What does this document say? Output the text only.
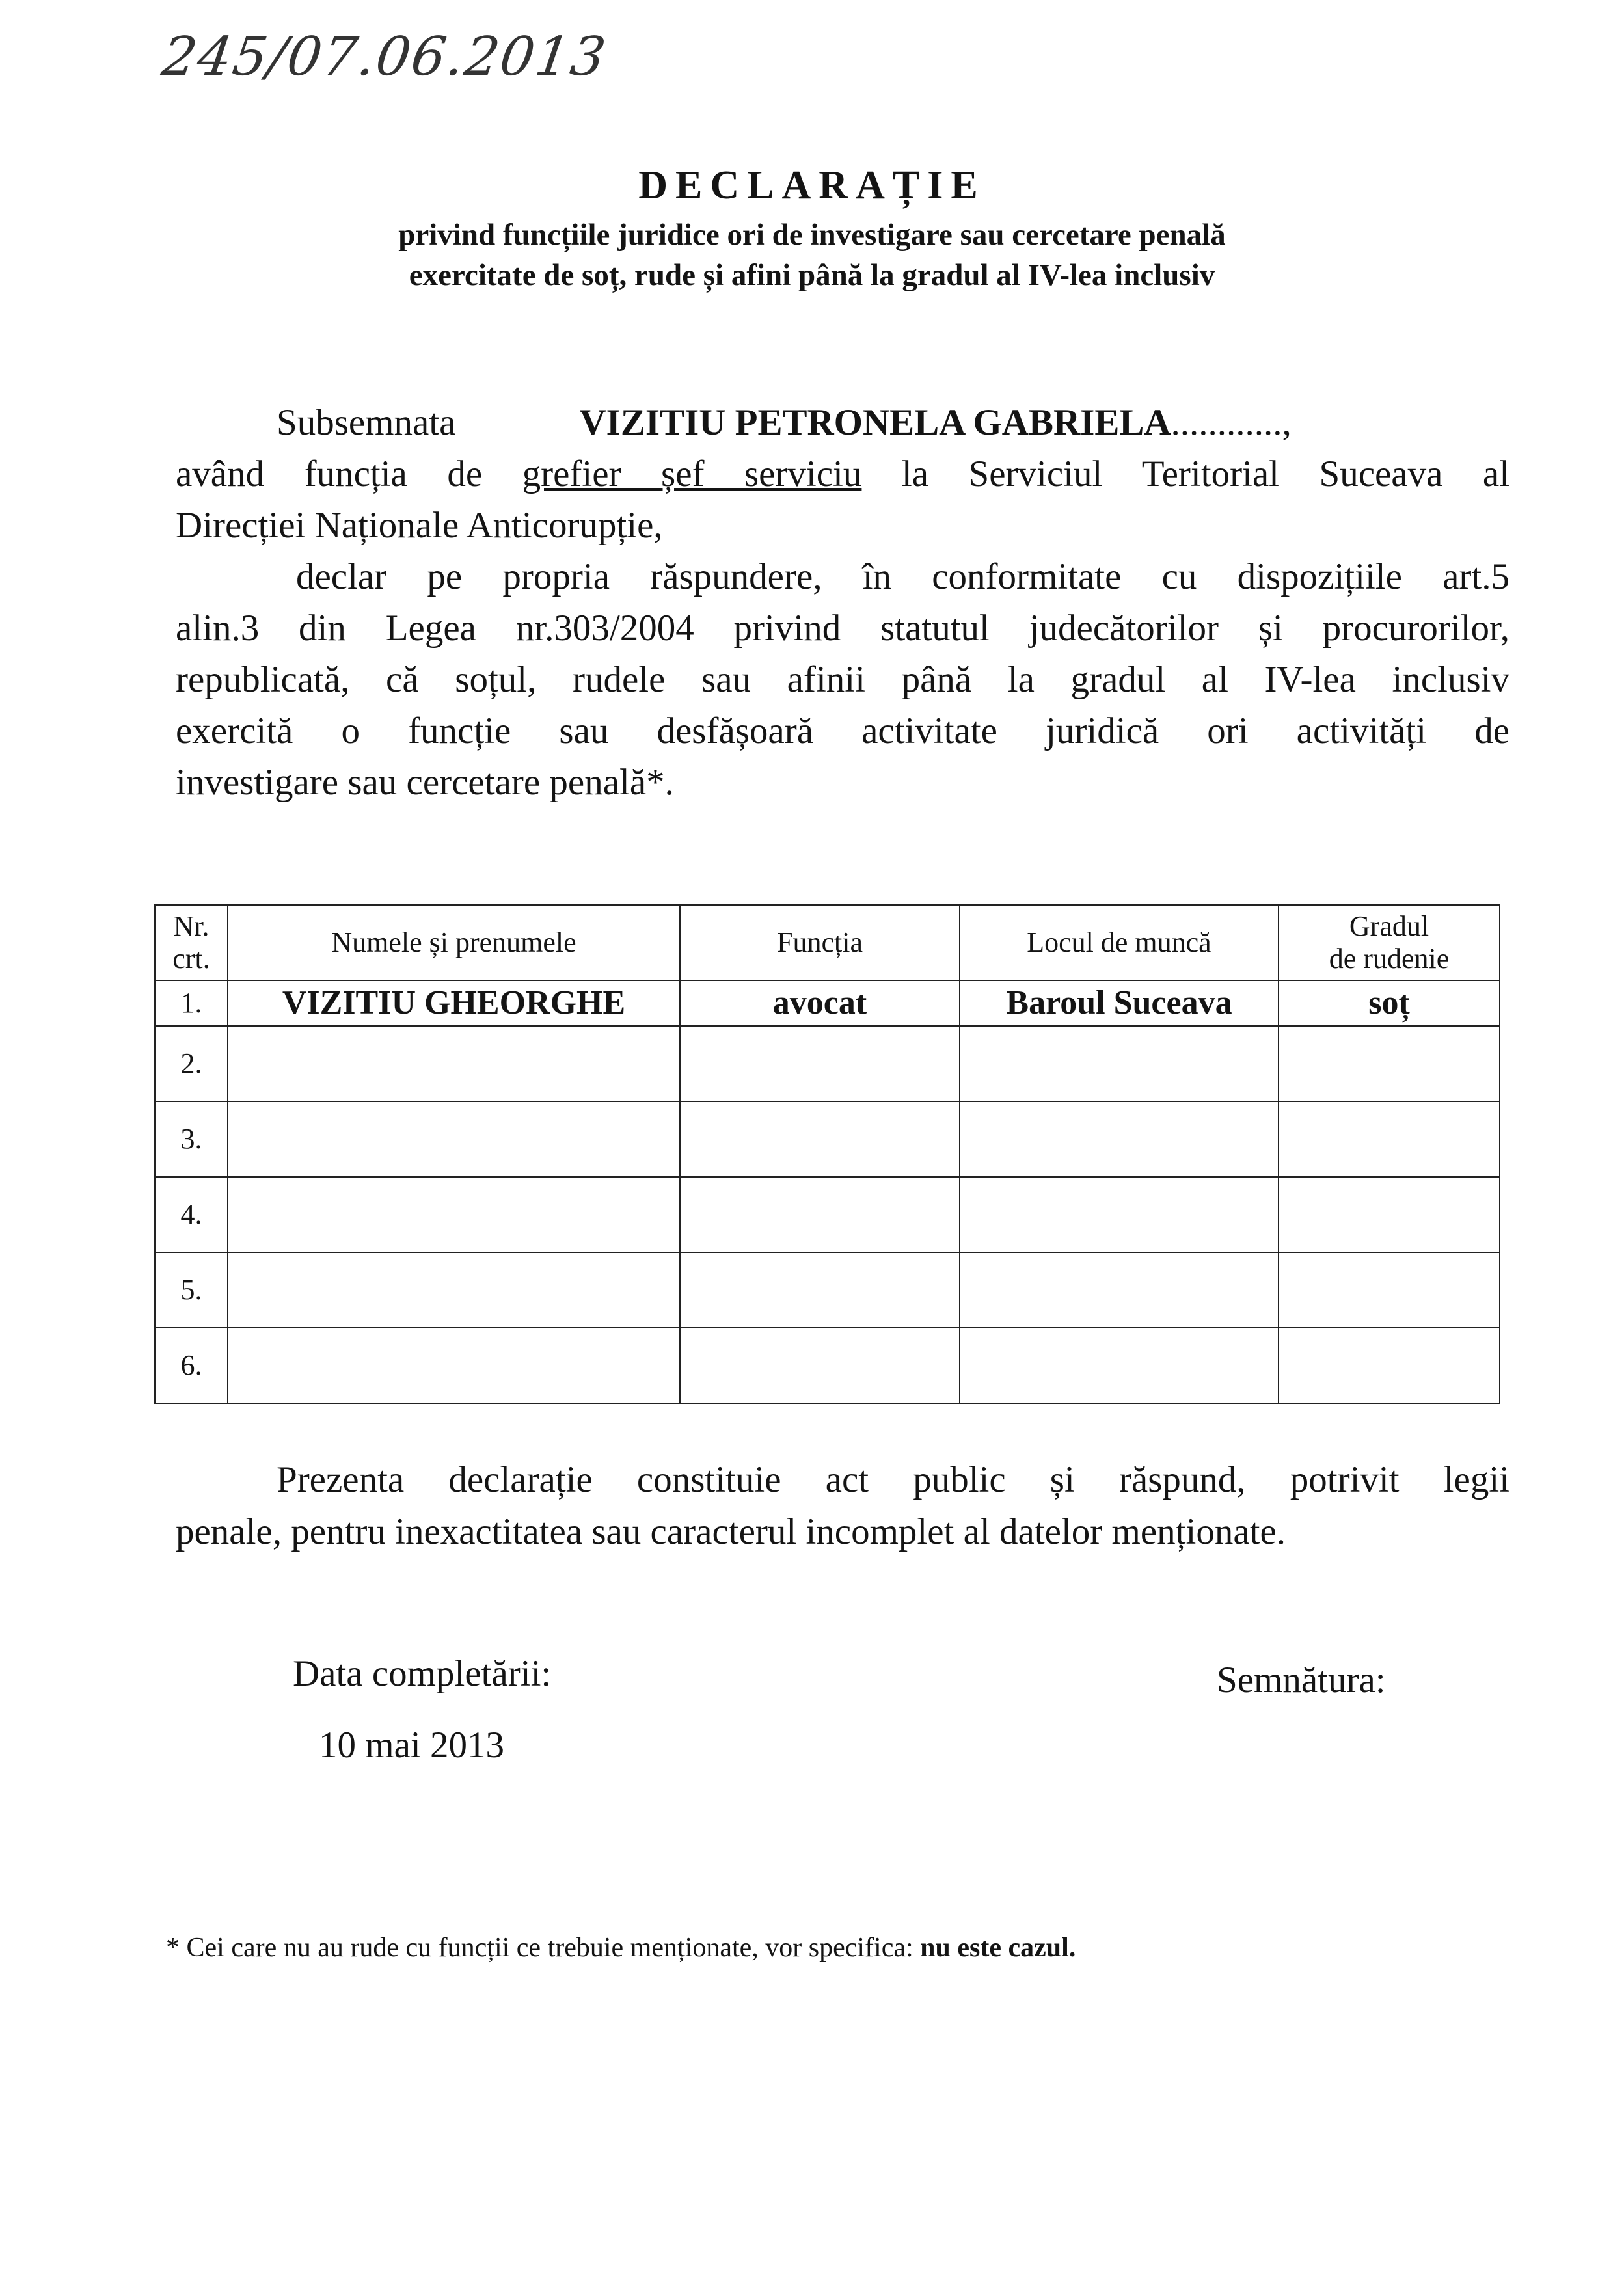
245/07.06.2013
DECLARAȚIE
privind funcțiile juridice ori de investigare sau cercetare penală
exercitate de soț, rude și afini până la gradul al IV-lea inclusiv
Subsemnata	VIZITIU PETRONELA GABRIELA............,
având funcția de grefier șef serviciu la Serviciul Teritorial Suceava al
Direcției Naționale Anticorupție,
declar pe propria răspundere, în conformitate cu dispozițiile art.5
alin.3 din Legea nr.303/2004 privind statutul judecătorilor și procurorilor,
republicată, că soțul, rudele sau afinii până la gradul al IV-lea inclusiv
exercită o funcție sau desfășoară activitate juridică ori activități de
investigare sau cercetare penală*.
Nr.
crt.	Numele și prenumele	Funcția	Locul de muncă	Gradul
de rudenie
1.	VIZITIU GHEORGHE	avocat	Baroul Suceava	soț
2.				
3.				
4.				
5.				
6.				
Prezenta declarație constituie act public și răspund, potrivit legii
penale, pentru inexactitatea sau caracterul incomplet al datelor menționate.
Data completării:
10 mai 2013
Semnătura:
* Cei care nu au rude cu funcții ce trebuie menționate, vor specifica: nu este cazul.
